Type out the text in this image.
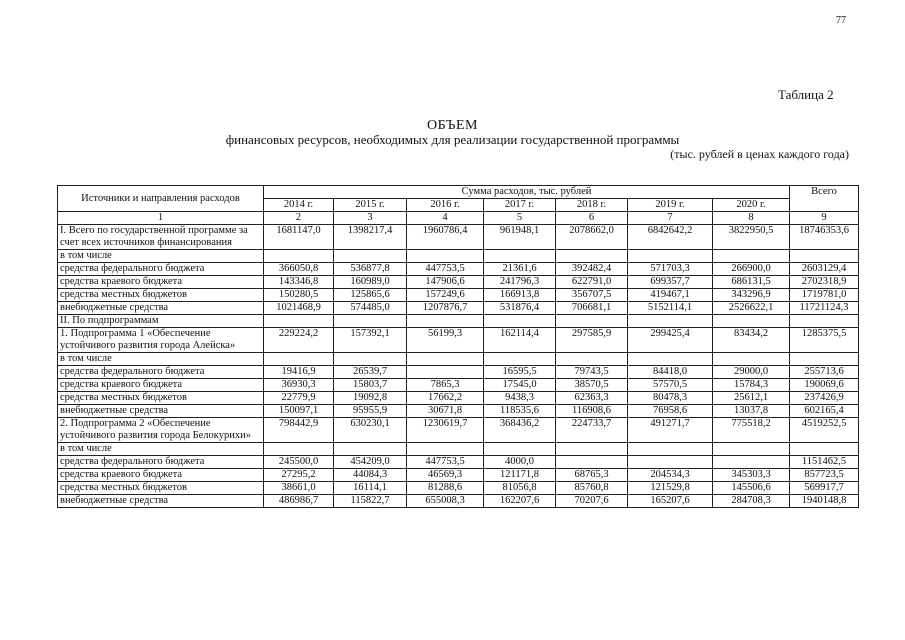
77
Таблица 2
ОБЪЕМ
финансовых ресурсов, необходимых для реализации государственной программы
(тыс. рублей в ценах каждого года)
Источники и направления расходов	Сумма расходов, тыс. рублей							Всего
	2014 г.	2015 г.	2016 г.	2017 г.	2018 г.	2019 г.	2020 г.	
1	2	3	4	5	6	7	8	9
I. Всего по государственной программе за счет всех источников финансирования	1681147,0	1398217,4	1960786,4	961948,1	2078662,0	6842642,2	3822950,5	18746353,6
в том числе								
средства федерального бюджета	366050,8	536877,8	447753,5	21361,6	392482,4	571703,3	266900,0	2603129,4
средства краевого бюджета	143346,8	160989,0	147906,6	241796,3	622791,0	699357,7	686131,5	2702318,9
средства местных бюджетов	150280,5	125865,6	157249,6	166913,8	356707,5	419467,1	343296,9	1719781,0
внебюджетные средства	1021468,9	574485,0	1207876,7	531876,4	706681,1	5152114,1	2526622,1	11721124,3
II. По подпрограммам								
1. Подпрограмма 1 «Обеспечение устойчивого развития города Алейска»	229224,2	157392,1	56199,3	162114,4	297585,9	299425,4	83434,2	1285375,5
в том числе								
средства федерального бюджета	19416,9	26539,7		16595,5	79743,5	84418,0	29000,0	255713,6
средства краевого бюджета	36930,3	15803,7	7865,3	17545,0	38570,5	57570,5	15784,3	190069,6
средства местных бюджетов	22779,9	19092,8	17662,2	9438,3	62363,3	80478,3	25612,1	237426,9
внебюджетные средства	150097,1	95955,9	30671,8	118535,6	116908,6	76958,6	13037,8	602165,4
2. Подпрограмма 2 «Обеспечение устойчивого развития города Белокурихи»	798442,9	630230,1	1230619,7	368436,2	224733,7	491271,7	775518,2	4519252,5
в том числе								
средства федерального бюджета	245500,0	454209,0	447753,5	4000,0				1151462,5
средства краевого бюджета	27295,2	44084,3	46569,3	121171,8	68765,3	204534,3	345303,3	857723,5
средства местных бюджетов	38661,0	16114,1	81288,6	81056,8	85760,8	121529,8	145506,6	569917,7
внебюджетные средства	486986,7	115822,7	655008,3	162207,6	70207,6	165207,6	284708,3	1940148,8
